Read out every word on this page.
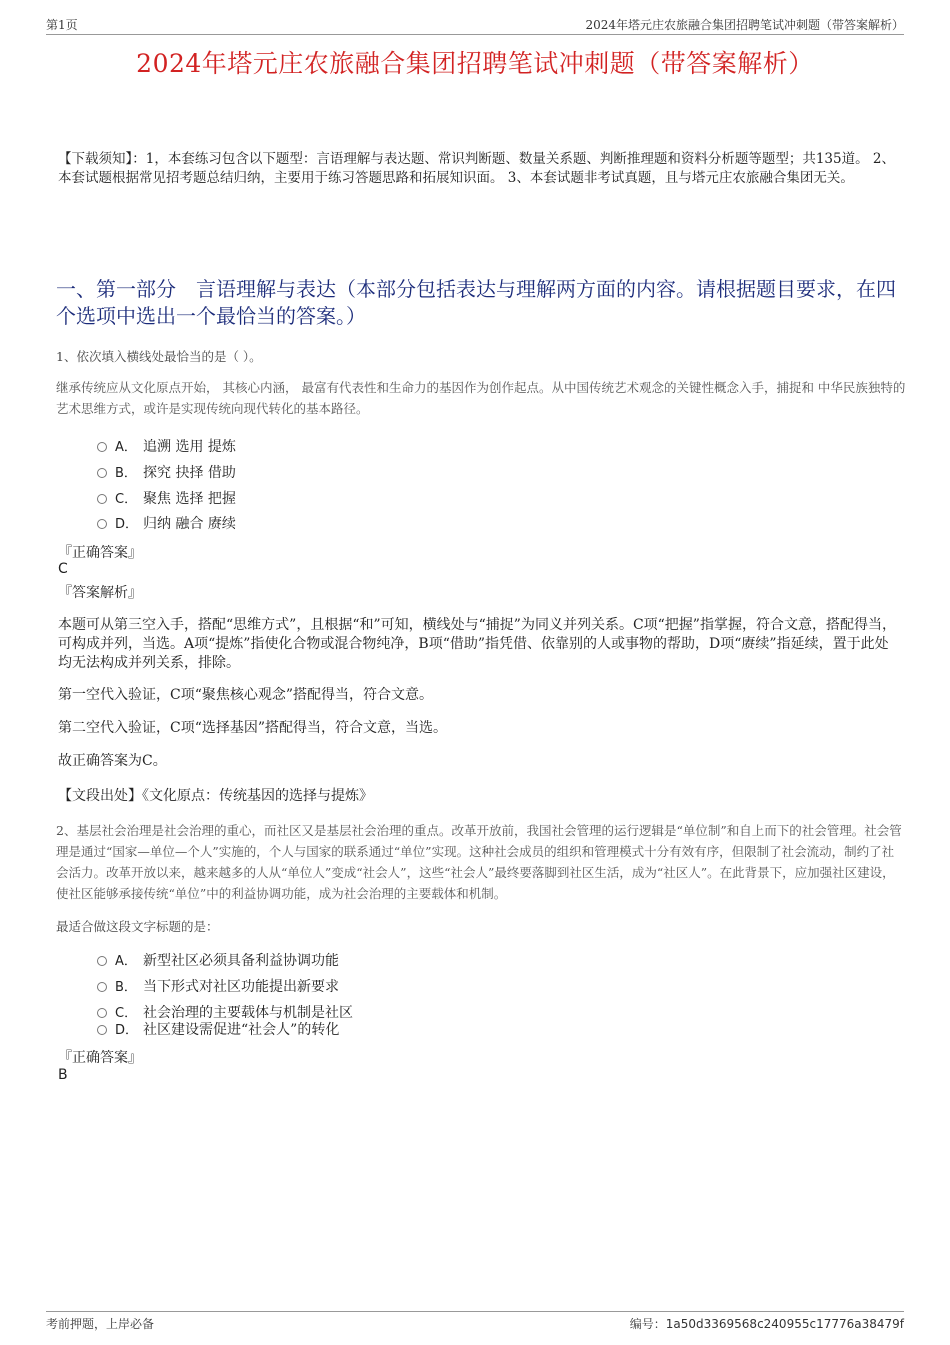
第1页	2024年塔元庄农旅融合集团招聘笔试冲刺题（带答案解析）
2024年塔元庄农旅融合集团招聘笔试冲刺题（带答案解析）
【下载须知】：1，本套练习包含以下题型：言语理解与表达题、常识判断题、数量关系题、判断推理题和资料分析题等题型；共135道。 2、本套试题根据常见招考题总结归纳，主要用于练习答题思路和拓展知识面。 3、本套试题非考试真题，且与塔元庄农旅融合集团无关。
一、第一部分　言语理解与表达（本部分包括表达与理解两方面的内容。请根据题目要求，在四个选项中选出一个最恰当的答案。）
1、依次填入横线处最恰当的是（ ）。
继承传统应从文化原点开始， 其核心内涵， 最富有代表性和生命力的基因作为创作起点。从中国传统艺术观念的关键性概念入手，捕捉和 中华民族独特的艺术思维方式，或许是实现传统向现代转化的基本路径。
A． 追溯 选用 提炼
B． 探究 抉择 借助
C． 聚焦 选择 把握
D． 归纳 融合 赓续
『正确答案』
C
『答案解析』
本题可从第三空入手，搭配“思维方式”，且根据“和”可知，横线处与“捕捉”为同义并列关系。C项“把握”指掌握，符合文意，搭配得当，可构成并列，当选。A项“提炼”指使化合物或混合物纯净，B项“借助”指凭借、依靠别的人或事物的帮助，D项“赓续”指延续，置于此处均无法构成并列关系，排除。
第一空代入验证，C项“聚焦核心观念”搭配得当，符合文意。
第二空代入验证，C项“选择基因”搭配得当，符合文意，当选。
故正确答案为C。
【文段出处】《文化原点：传统基因的选择与提炼》
2、基层社会治理是社会治理的重心，而社区又是基层社会治理的重点。改革开放前，我国社会管理的运行逻辑是“单位制”和自上而下的社会管理。社会管理是通过“国家—单位—个人”实施的，个人与国家的联系通过“单位”实现。这种社会成员的组织和管理模式十分有效有序，但限制了社会流动，制约了社会活力。改革开放以来，越来越多的人从“单位人”变成“社会人”，这些“社会人”最终要落脚到社区生活，成为“社区人”。在此背景下，应加强社区建设，使社区能够承接传统“单位”中的利益协调功能，成为社会治理的主要载体和机制。
最适合做这段文字标题的是：
A． 新型社区必须具备利益协调功能
B． 当下形式对社区功能提出新要求
C． 社会治理的主要载体与机制是社区
D． 社区建设需促进“社会人”的转化
『正确答案』
B
考前押题，上岸必备	编号：1a50d3369568c240955c17776a38479f
